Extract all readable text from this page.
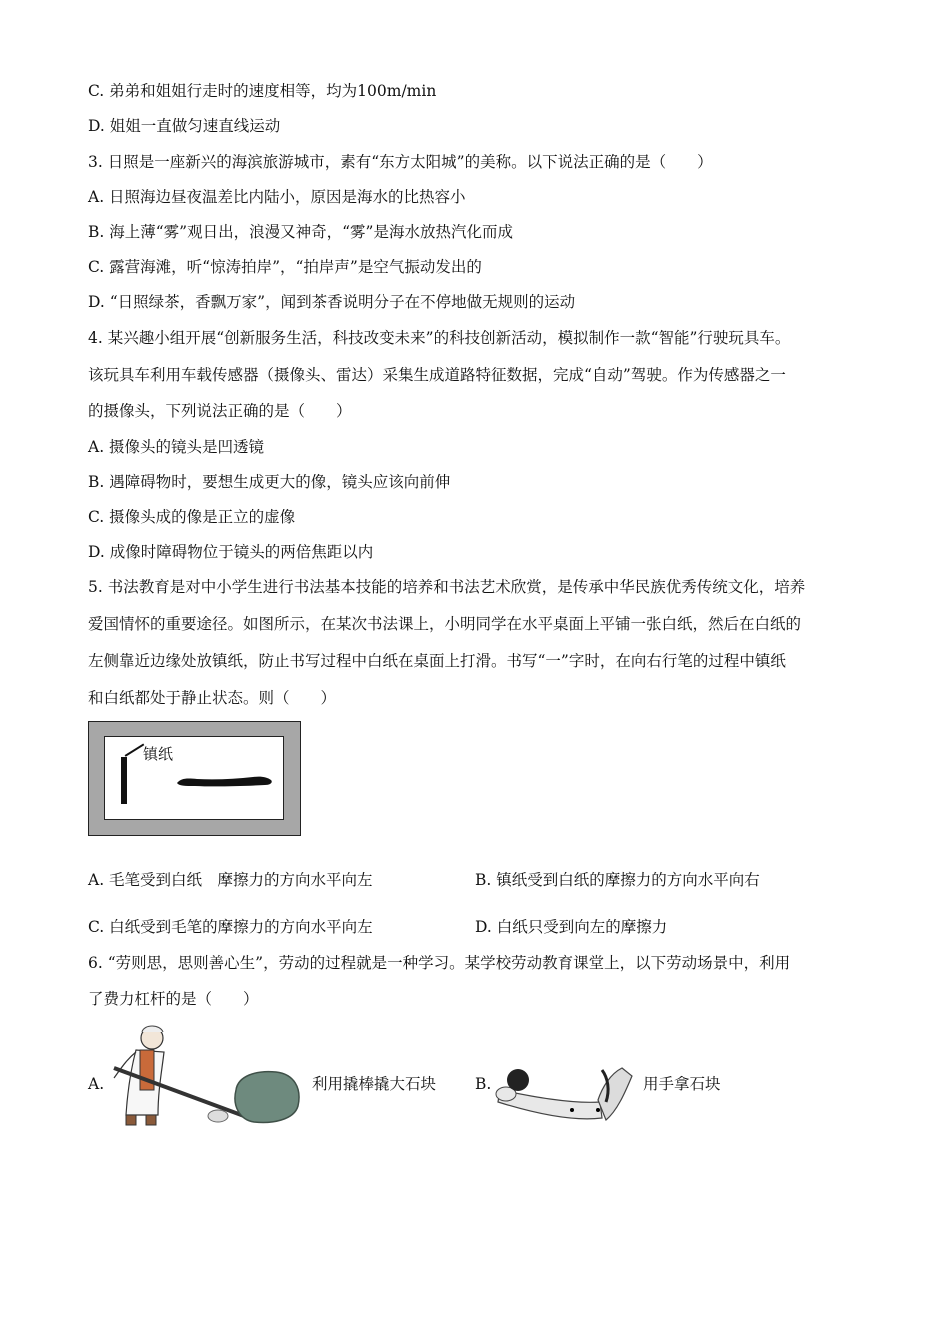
C. 弟弟和姐姐行走时的速度相等，均为100m/min
D. 姐姐一直做匀速直线运动
3. 日照是一座新兴的海滨旅游城市，素有“东方太阳城”的美称。以下说法正确的是（　　）
A. 日照海边昼夜温差比内陆小，原因是海水的比热容小
B. 海上薄“雾”观日出，浪漫又神奇，“雾”是海水放热汽化而成
C. 露营海滩，听“惊涛拍岸”，“拍岸声”是空气振动发出的
D. “日照绿茶，香飘万家”，闻到茶香说明分子在不停地做无规则的运动
4. 某兴趣小组开展“创新服务生活，科技改变未来”的科技创新活动，模拟制作一款“智能”行驶玩具车。
该玩具车利用车载传感器（摄像头、雷达）采集生成道路特征数据，完成“自动”驾驶。作为传感器之一
的摄像头，下列说法正确的是（　　）
A. 摄像头的镜头是凹透镜
B. 遇障碍物时，要想生成更大的像，镜头应该向前伸
C. 摄像头成的像是正立的虚像
D. 成像时障碍物位于镜头的两倍焦距以内
5. 书法教育是对中小学生进行书法基本技能的培养和书法艺术欣赏，是传承中华民族优秀传统文化，培养
爱国情怀的重要途径。如图所示，在某次书法课上，小明同学在水平桌面上平铺一张白纸，然后在白纸的
左侧靠近边缘处放镇纸，防止书写过程中白纸在桌面上打滑。书写“一”字时，在向右行笔的过程中镇纸
和白纸都处于静止状态。则（　　）
镇纸
A. 毛笔受到白纸　摩擦力的方向水平向左	B. 镇纸受到白纸的摩擦力的方向水平向右
C. 白纸受到毛笔的摩擦力的方向水平向左	D. 白纸只受到向左的摩擦力
6. “劳则思，思则善心生”，劳动的过程就是一种学习。某学校劳动教育课堂上，以下劳动场景中，利用
了费力杠杆的是（　　）
A.	利用撬棒撬大石块	B.	用手拿石块
